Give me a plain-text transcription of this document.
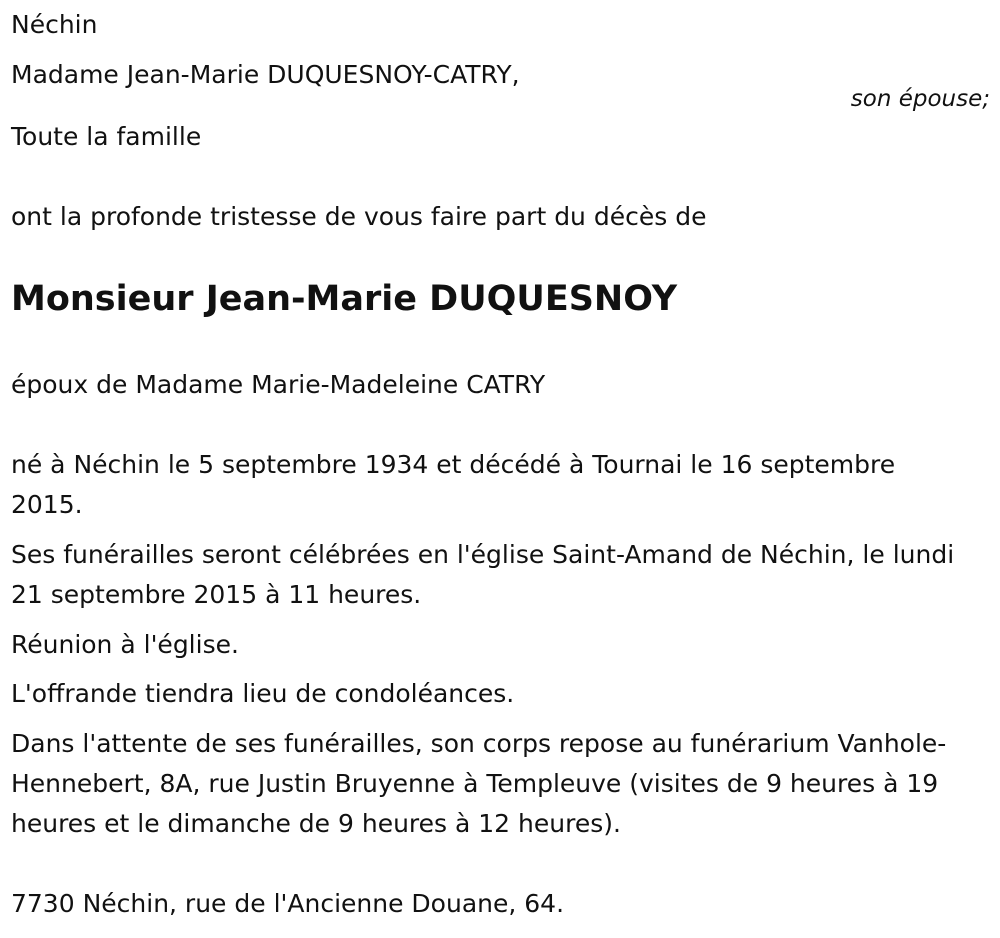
Néchin

Madame Jean-Marie DUQUESNOY-CATRY,

son épouse;

Toute la famille

ont la profonde tristesse de vous faire part du décès de

Monsieur Jean-Marie DUQUESNOY

époux de Madame Marie-Madeleine CATRY

né à Néchin le 5 septembre 1934 et décédé à Tournai le 16 septembre 2015.

Ses funérailles seront célébrées en l'église Saint-Amand de Néchin, le lundi 21 septembre 2015 à 11 heures.

Réunion à l'église.

L'offrande tiendra lieu de condoléances.

Dans l'attente de ses funérailles, son corps repose au funérarium Vanhole-Hennebert, 8A, rue Justin Bruyenne à Templeuve (visites de 9 heures à 19 heures et le dimanche de 9 heures à 12 heures).

7730 Néchin, rue de l'Ancienne Douane, 64.
